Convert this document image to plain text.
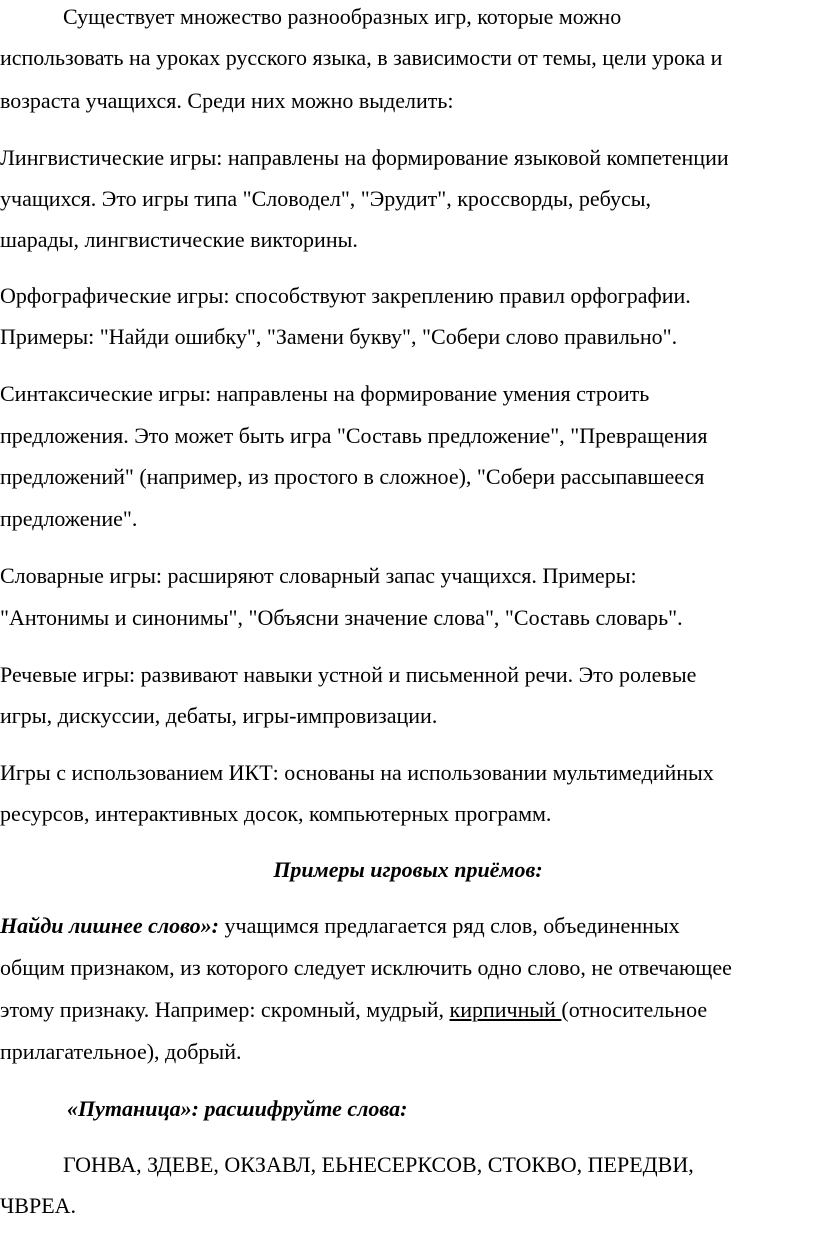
Существует множество разнообразных игр, которые можно

использовать на уроках русского языка, в зависимости от темы, цели урока и

возраста учащихся. Среди них можно выделить:

Лингвистические игры: направлены на формирование языковой компетенции

учащихся. Это игры типа "Словодел", "Эрудит", кроссворды, ребусы,

шарады, лингвистические викторины.

Орфографические игры: способствуют закреплению правил орфографии.

Примеры: "Найди ошибку", "Замени букву", "Собери слово правильно".

Синтаксические игры: направлены на формирование умения строить

предложения. Это может быть игра "Составь предложение", "Превращения

предложений" (например, из простого в сложное), "Собери рассыпавшееся

предложение".

Словарные игры: расширяют словарный запас учащихся. Примеры:

"Антонимы и синонимы", "Объясни значение слова", "Составь словарь".

Речевые игры: развивают навыки устной и письменной речи. Это ролевые

игры, дискуссии, дебаты, игры-импровизации.

Игры с использованием ИКТ: основаны на использовании мультимедийных

ресурсов, интерактивных досок, компьютерных программ.

Примеры игровых приёмов:

Найди лишнее слово»: учащимся предлагается ряд слов, объединенных

общим признаком, из которого следует исключить одно слово, не отвечающее

этому признаку. Например: скромный, мудрый, кирпичный (относительное

прилагательное), добрый.

«Путаница»: расшифруйте слова:

ГОНВА, ЗДЕВЕ, ОКЗАВЛ, ЕЬНЕСЕРКСОВ, СТОКВО, ПЕРЕДВИ,

ЧВРЕА.
